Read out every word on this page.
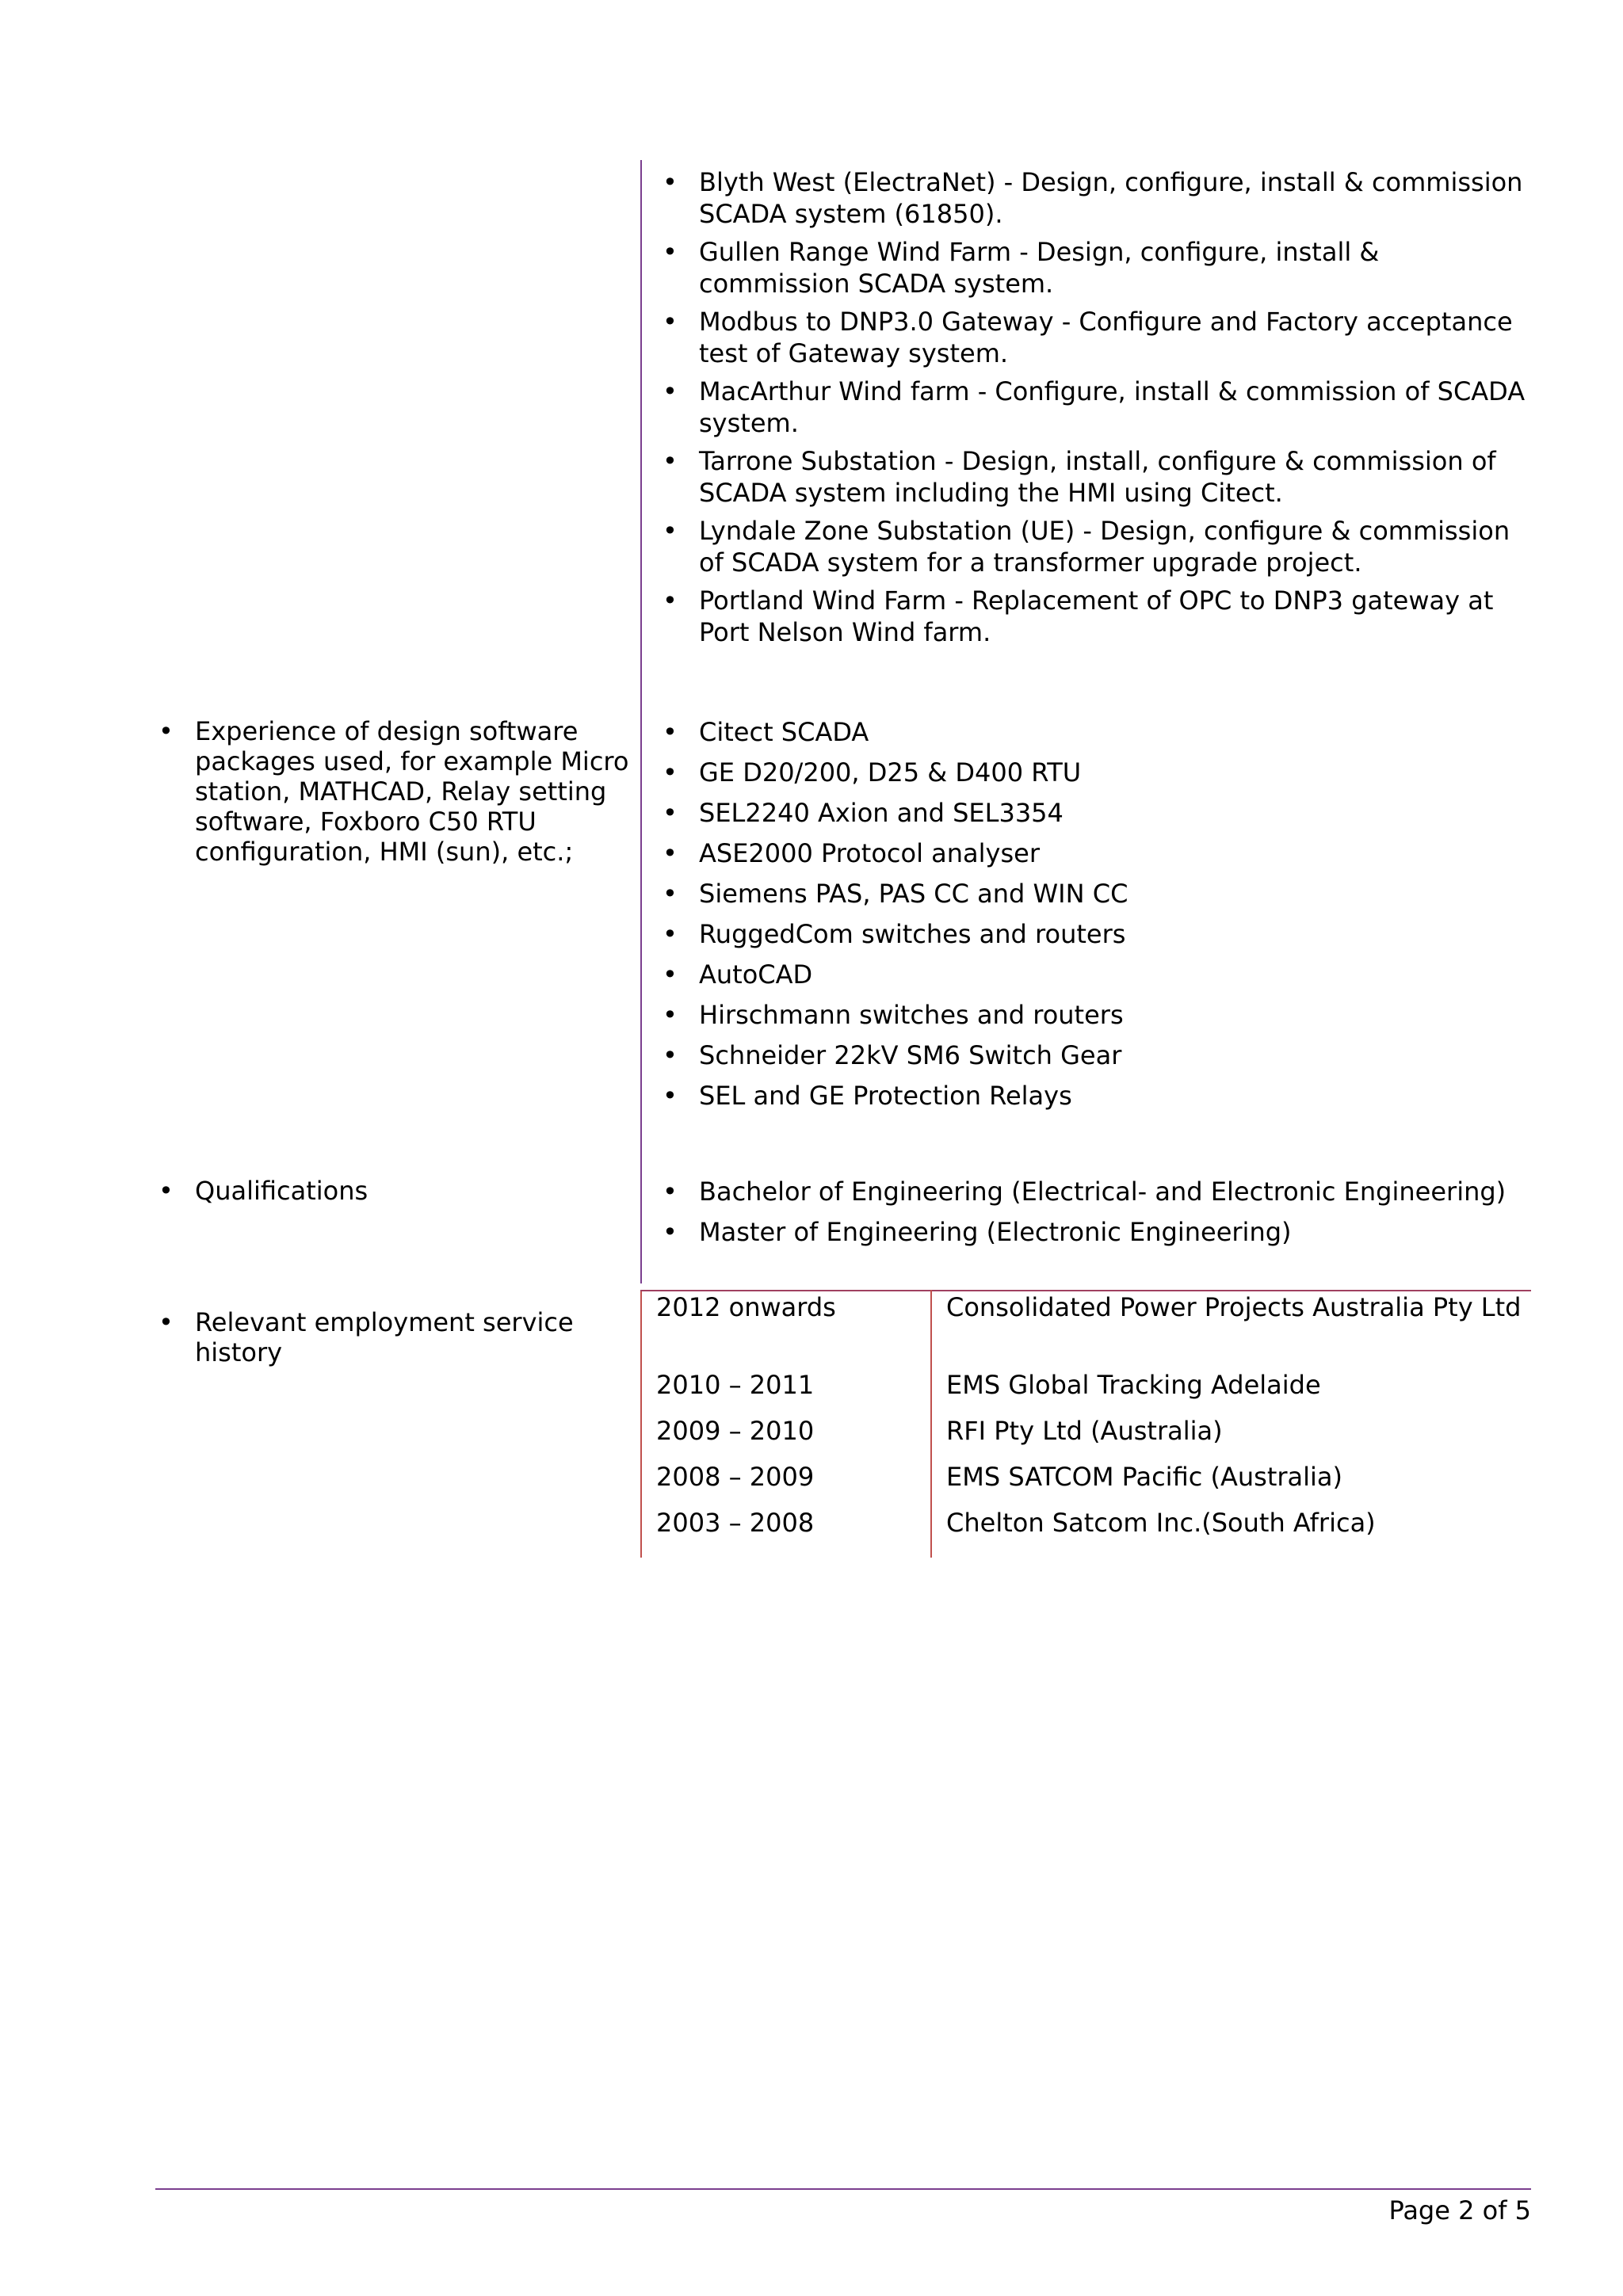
• Blyth West (ElectraNet) - Design, configure, install & commission SCADA system (61850).
• Gullen Range Wind Farm - Design, configure, install & commission SCADA system.
• Modbus to DNP3.0 Gateway - Configure and Factory acceptance test of Gateway system.
• MacArthur Wind farm - Configure, install & commission of SCADA system.
• Tarrone Substation - Design, install, configure & commission of SCADA system including the HMI using Citect.
• Lyndale Zone Substation (UE) - Design, configure & commission of SCADA system for a transformer upgrade project.
• Portland Wind Farm - Replacement of OPC to DNP3 gateway at Port Nelson Wind farm.
• Experience of design software packages used, for example Micro station, MATHCAD, Relay setting software, Foxboro C50 RTU configuration, HMI (sun), etc.;
• Citect SCADA
• GE D20/200, D25 & D400 RTU
• SEL2240 Axion and SEL3354
• ASE2000 Protocol analyser
• Siemens PAS, PAS CC and WIN CC
• RuggedCom switches and routers
• AutoCAD
• Hirschmann switches and routers
• Schneider 22kV SM6 Switch Gear
• SEL and GE Protection Relays
• Qualifications
•	Bachelor of Engineering (Electrical- and Electronic Engineering)
• Master of Engineering (Electronic Engineering)
• Relevant employment service history
2012 onwards	Consolidated Power Projects Australia Pty Ltd
2010 – 2011	EMS Global Tracking Adelaide
2009 – 2010	RFI Pty Ltd (Australia)
2008 – 2009	EMS SATCOM Pacific (Australia)
2003 – 2008	Chelton Satcom Inc.(South Africa)
Page 2 of 5
